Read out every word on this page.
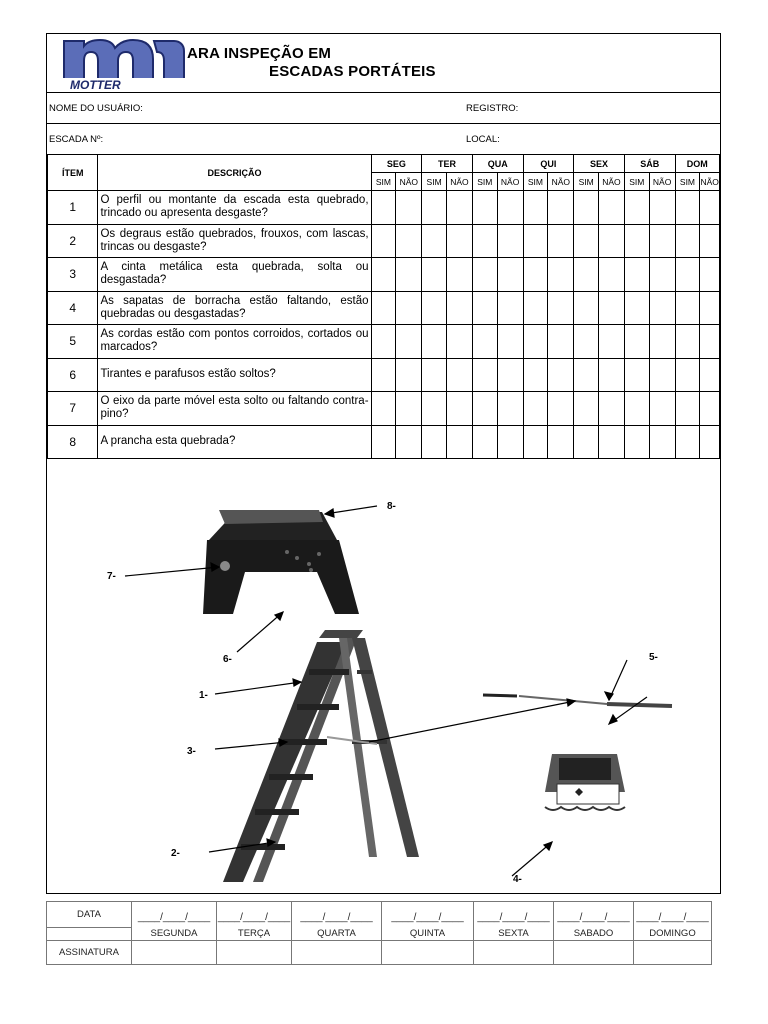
MOTTER
ARA INSPEÇÃO EM
ESCADAS PORTÁTEIS
NOME DO USUÁRIO:	REGISTRO:
ESCADA Nº:	LOCAL:
ÍTEM	DESCRIÇÃO	SEG		TER		QUA		QUI		SEX		SÁB		DOM	
		SIM	NÃO	SIM	NÃO	SIM	NÃO	SIM	NÃO	SIM	NÃO	SIM	NÃO	SIM	NÃO
1	O perfil ou montante da escada esta quebrado, trincado ou apresenta desgaste?														
2	Os degraus estão quebrados, frouxos, com lascas, trincas ou desgaste?														
3	A cinta metálica esta quebrada, solta ou desgastada?														
4	As sapatas de borracha estão faltando, estão quebradas ou desgastadas?														
5	As cordas estão com pontos corroidos, cortados ou marcados?														
6	Tirantes e parafusos estão soltos?														
7	O eixo da parte móvel esta solto ou faltando contra-pino?														
8	A prancha esta quebrada?														
8-
7-
6-
1-
3-
2-
5-
4-
DATA	____/____/____	____/____/____	____/____/____	____/____/____	____/____/____	____/____/____	____/____/____
	SEGUNDA	TERÇA	QUARTA	QUINTA	SEXTA	SABADO	DOMINGO
ASSINATURA							
